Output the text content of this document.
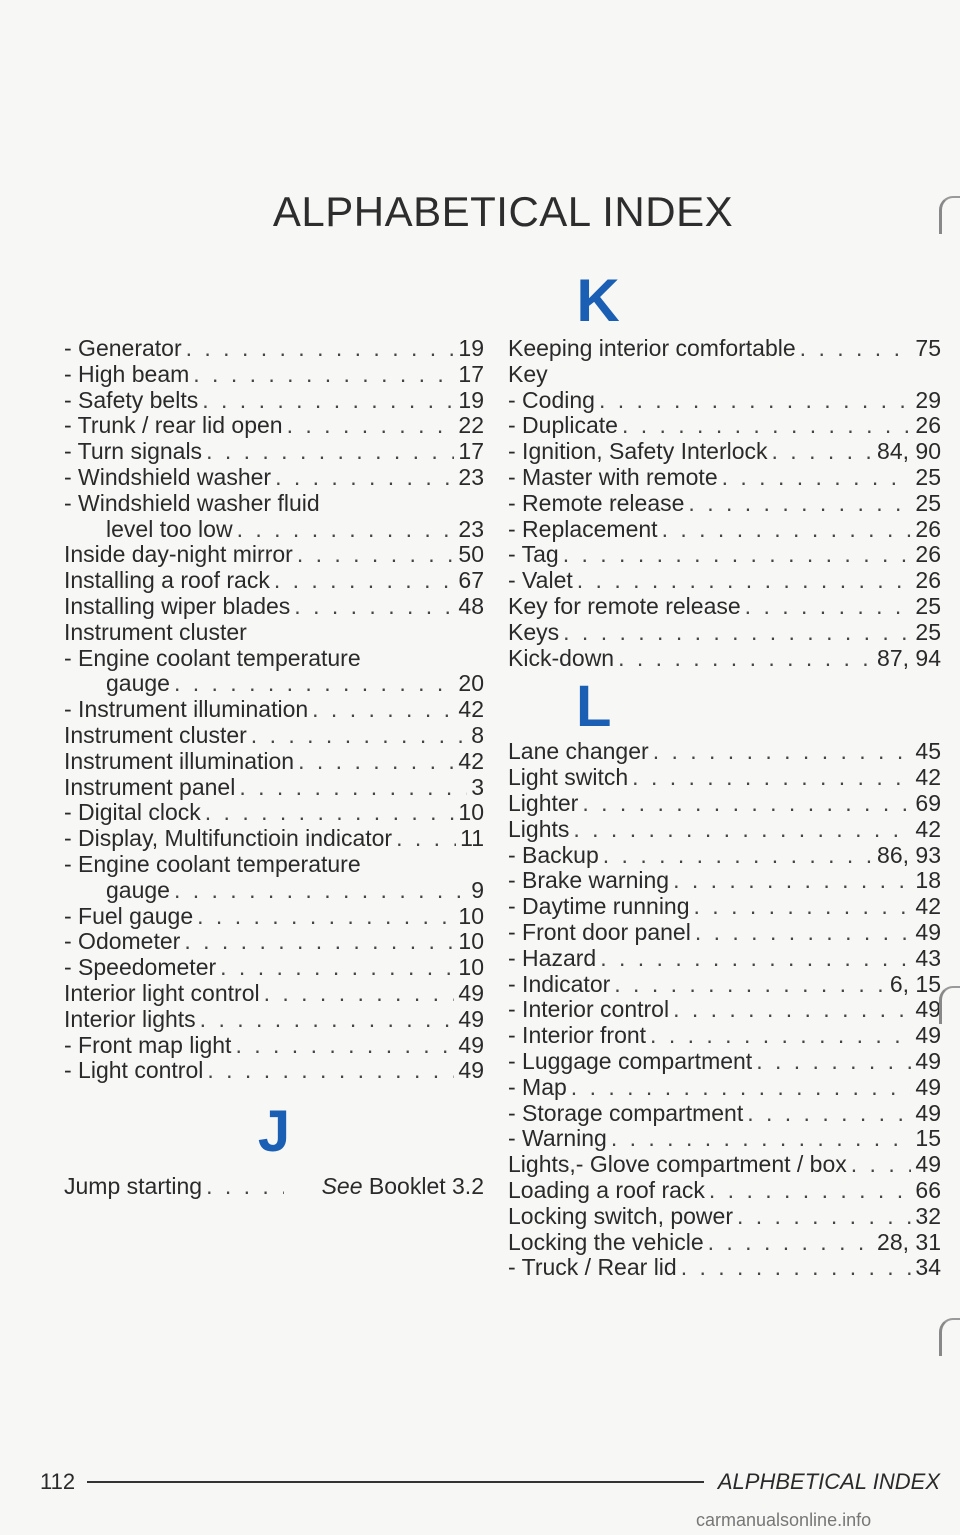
ALPHABETICAL INDEX
- Generator . . .	19
- High beam . . .	17
- Safety belts . . .	19
- Trunk / rear lid open . . .	22
- Turn signals . . .	17
- Windshield washer . . .	23
- Windshield washer fluid
level too low . . .	23
Inside day-night mirror . . .	50
Installing a roof rack . . .	67
Installing wiper blades . . .	48
Instrument cluster
- Engine coolant temperature
gauge . . .	20
- Instrument illumination . . .	42
Instrument cluster . . .	8
Instrument illumination . . .	42
Instrument panel . . .	3
- Digital clock . . .	10
- Display, Multifunctioin indicator . . .	11
- Engine coolant temperature
gauge . . .	9
- Fuel gauge . . .	10
- Odometer . . .	10
- Speedometer . . .	10
Interior light control . . .	49
Interior lights . . .	49
- Front map light . . .	49
- Light control . . .	49
J
Jump starting . . .	See Booklet 3.2
K
Keeping interior comfortable . . .	75
Key
- Coding . . .	29
- Duplicate . . .	26
- Ignition, Safety Interlock . . .	84, 90
- Master with remote . . .	25
- Remote release . . .	25
- Replacement . . .	26
- Tag . . .	26
- Valet . . .	26
Key for remote release . . .	25
Keys . . .	25
Kick-down . . .	87, 94
L
Lane changer . . .	45
Light switch . . .	42
Lighter . . .	69
Lights . . .	42
- Backup . . .	86, 93
- Brake warning . . .	18
- Daytime running . . .	42
- Front door panel . . .	49
- Hazard . . .	43
- Indicator . . .	6, 15
- Interior control . . .	49
- Interior front . . .	49
- Luggage compartment . . .	49
- Map . . .	49
- Storage compartment . . .	49
- Warning . . .	15
Lights,- Glove compartment / box . . .	49
Loading a roof rack . . .	66
Locking switch, power . . .	32
Locking the vehicle . . .	28, 31
- Truck / Rear lid . . .	34
112	ALPHBETICAL INDEX
carmanualsonline.info
